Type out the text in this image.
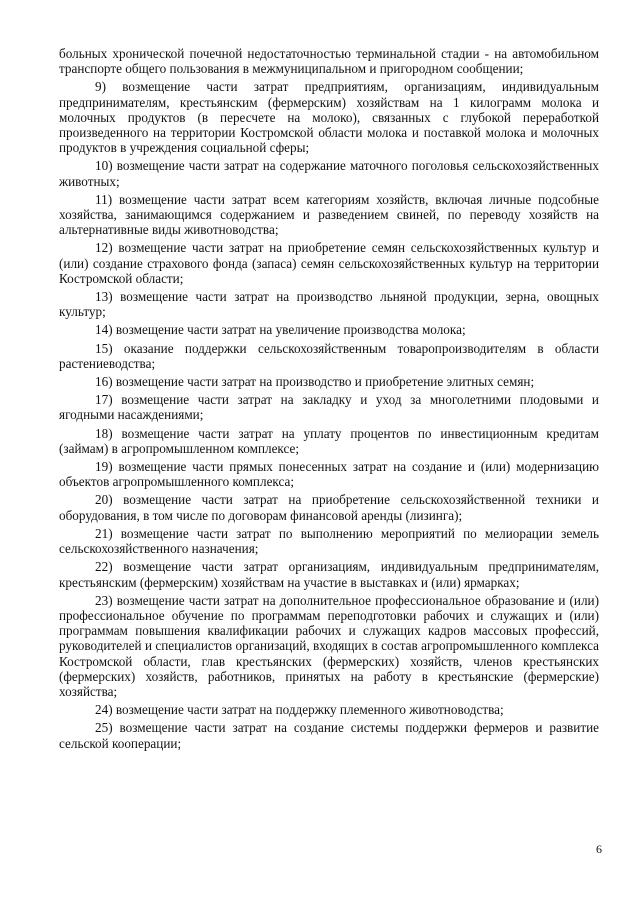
больных хронической почечной недостаточностью терминальной стадии - на автомобильном транспорте общего пользования в межмуниципальном и пригородном сообщении;

9) возмещение части затрат предприятиям, организациям, индивидуальным предпринимателям, крестьянским (фермерским) хозяйствам на 1 килограмм молока и молочных продуктов (в пересчете на молоко), связанных с глубокой переработкой произведенного на территории Костромской области молока и поставкой молока и молочных продуктов в учреждения социальной сферы;

10) возмещение части затрат на содержание маточного поголовья сельскохозяйственных животных;

11) возмещение части затрат всем категориям хозяйств, включая личные подсобные хозяйства, занимающимся содержанием и разведением свиней, по переводу хозяйств на альтернативные виды животноводства;

12) возмещение части затрат на приобретение семян сельскохозяйственных культур и (или) создание страхового фонда (запаса) семян сельскохозяйственных культур на территории Костромской области;

13) возмещение части затрат на производство льняной продукции, зерна, овощных культур;

14) возмещение части затрат на увеличение производства молока;

15) оказание поддержки сельскохозяйственным товаропроизводителям в области растениеводства;

16) возмещение части затрат на производство и приобретение элитных семян;

17) возмещение части затрат на закладку и уход за многолетними плодовыми и ягодными насаждениями;

18) возмещение части затрат на уплату процентов по инвестиционным кредитам (займам) в агропромышленном комплексе;

19) возмещение части прямых понесенных затрат на создание и (или) модернизацию объектов агропромышленного комплекса;

20) возмещение части затрат на приобретение сельскохозяйственной техники и оборудования, в том числе по договорам финансовой аренды (лизинга);

21) возмещение части затрат по выполнению мероприятий по мелиорации земель сельскохозяйственного назначения;

22) возмещение части затрат организациям, индивидуальным предпринимателям, крестьянским (фермерским) хозяйствам на участие в выставках и (или) ярмарках;

23) возмещение части затрат на дополнительное профессиональное образование и (или) профессиональное обучение по программам переподготовки рабочих и служащих и (или) программам повышения квалификации рабочих и служащих кадров массовых профессий, руководителей и специалистов организаций, входящих в состав агропромышленного комплекса Костромской области, глав крестьянских (фермерских) хозяйств, членов крестьянских (фермерских) хозяйств, работников, принятых на работу в крестьянские (фермерские) хозяйства;

24) возмещение части затрат на поддержку племенного животноводства;

25) возмещение части затрат на создание системы поддержки фермеров и развитие сельской кооперации;

6
